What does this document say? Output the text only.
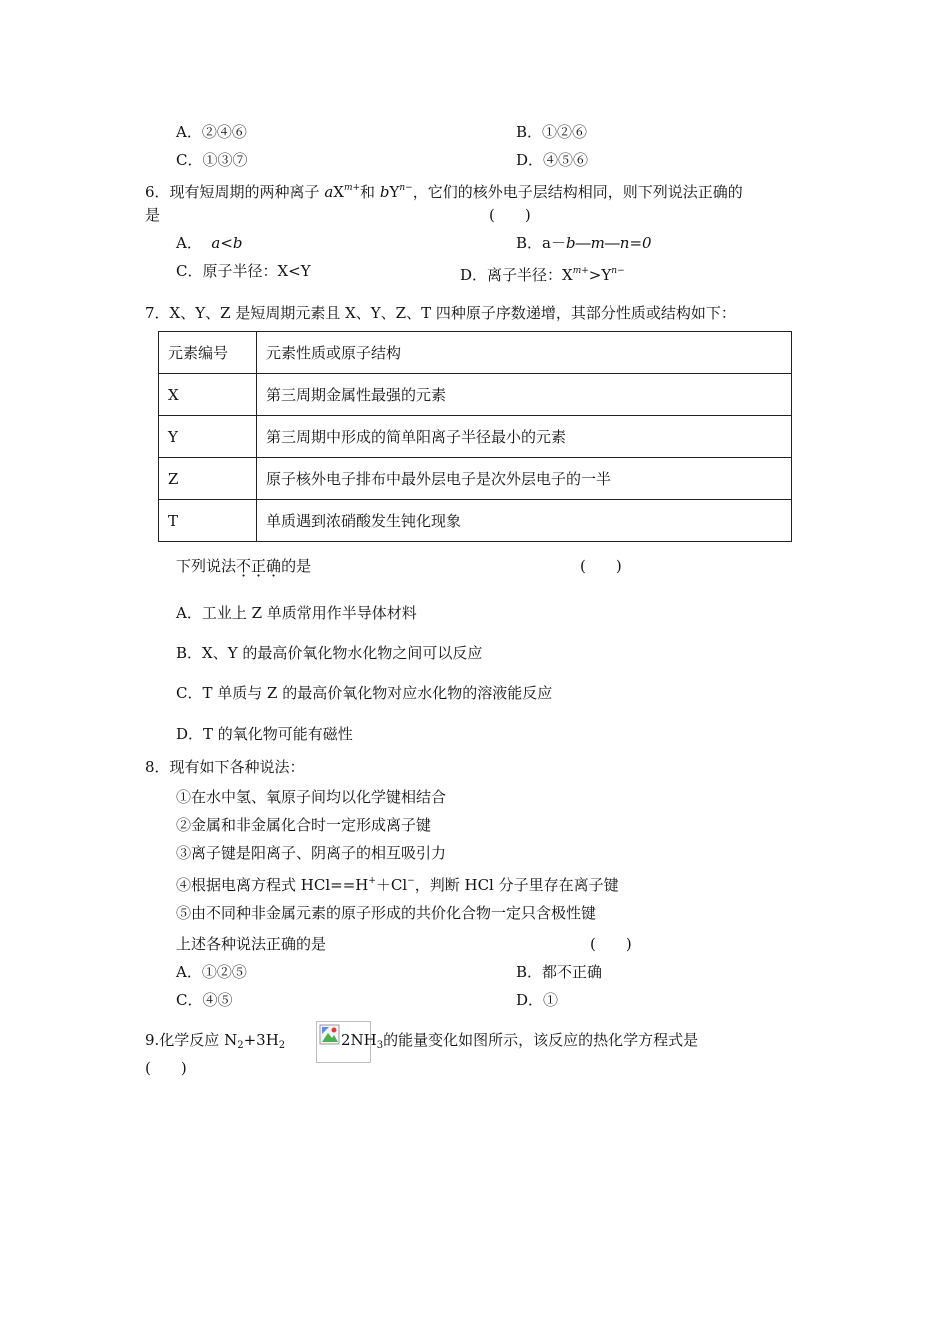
A．②④⑥	B．①②⑥
C．①③⑦	D．④⑤⑥
6．现有短周期的两种离子 $aX^{m+}$和 $bY^{n-}$，它们的核外电子层结构相同，则下列说法正确的
是	(　　)
A． a<b	B．a－b―m―n=0
C．原子半径：X<Y	D．离子半径：$X^{m+}>Y^{n-}$
7．X、Y、Z 是短周期元素且 X、Y、Z、T 四种原子序数递增，其部分性质或结构如下：
元素编号	元素性质或原子结构
X	第三周期金属性最强的元素
Y	第三周期中形成的简单阳离子半径最小的元素
Z	原子核外电子排布中最外层电子是次外层电子的一半
T	单质遇到浓硝酸发生钝化现象
下列说法不正确的是	(　　)
A．工业上 Z 单质常用作半导体材料
B．X、Y 的最高价氧化物水化物之间可以反应
C．T 单质与 Z 的最高价氧化物对应水化物的溶液能反应
D．T 的氧化物可能有磁性
8．现有如下各种说法：
①在水中氢、氧原子间均以化学键相结合
②金属和非金属化合时一定形成离子键
③离子键是阳离子、阴离子的相互吸引力
④根据电离方程式 HCl==H+＋Cl−，判断 HCl 分子里存在离子键
⑤由不同种非金属元素的原子形成的共价化合物一定只含极性键
上述各种说法正确的是	(　　)
A．①②⑤	B．都不正确
C．④⑤	D．①
9.化学反应 $N_2+3H_2$	$2NH_3$的能量变化如图所示，该反应的热化学方程式是
(　　)
